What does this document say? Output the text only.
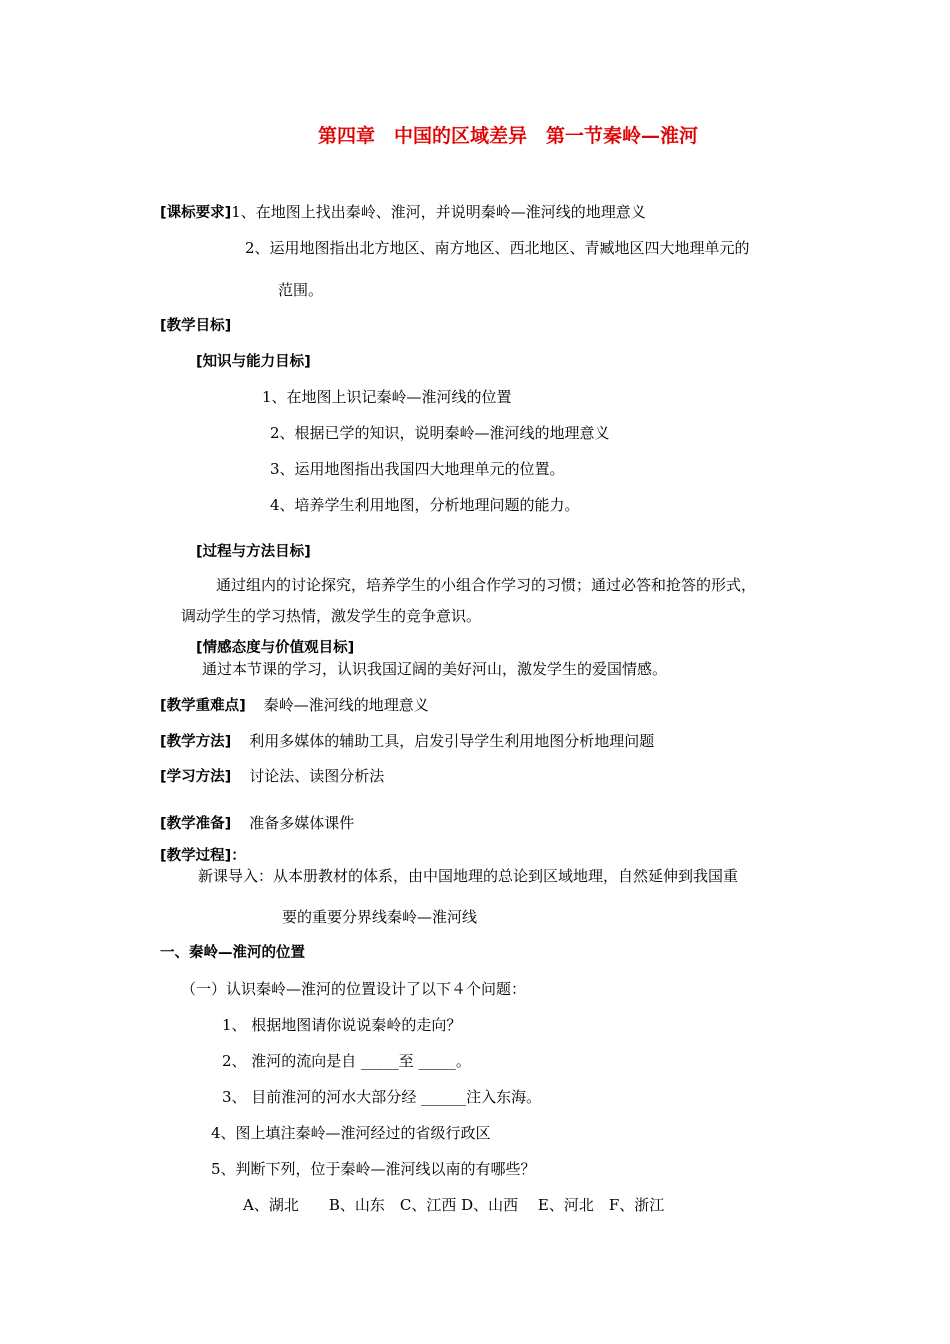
第四章　中国的区域差异　第一节秦岭—淮河
[课标要求]1、在地图上找出秦岭、淮河，并说明秦岭—淮河线的地理意义
2、运用地图指出北方地区、南方地区、西北地区、青臧地区四大地理单元的
范围。
[教学目标]
[知识与能力目标]
1、在地图上识记秦岭—淮河线的位置
2、根据已学的知识，说明秦岭—淮河线的地理意义
3、运用地图指出我国四大地理单元的位置。
4、培养学生利用地图，分析地理问题的能力。
[过程与方法目标]
通过组内的讨论探究，培养学生的小组合作学习的习惯；通过必答和抢答的形式，
调动学生的学习热情，激发学生的竞争意识。
[情感态度与价值观目标]
通过本节课的学习，认识我国辽阔的美好河山，激发学生的爱国情感。
[教学重难点] 秦岭—淮河线的地理意义
[教学方法] 利用多媒体的辅助工具，启发引导学生利用地图分析地理问题
[学习方法] 讨论法、读图分析法
[教学准备] 准备多媒体课件
[教学过程]：
新课导入：从本册教材的体系，由中国地理的总论到区域地理，自然延伸到我国重
要的重要分界线秦岭—淮河线
一、秦岭—淮河的位置
（一）认识秦岭—淮河的位置设计了以下４个问题：
1、 根据地图请你说说秦岭的走向？
2、 淮河的流向是自 _____至 _____。
3、 目前淮河的河水大部分经 ______注入东海。
4、图上填注秦岭—淮河经过的省级行政区
5、判断下列，位于秦岭—淮河线以南的有哪些？
A、湖北　　B、山东　C、江西 D、山西　 E、河北　F、浙江
